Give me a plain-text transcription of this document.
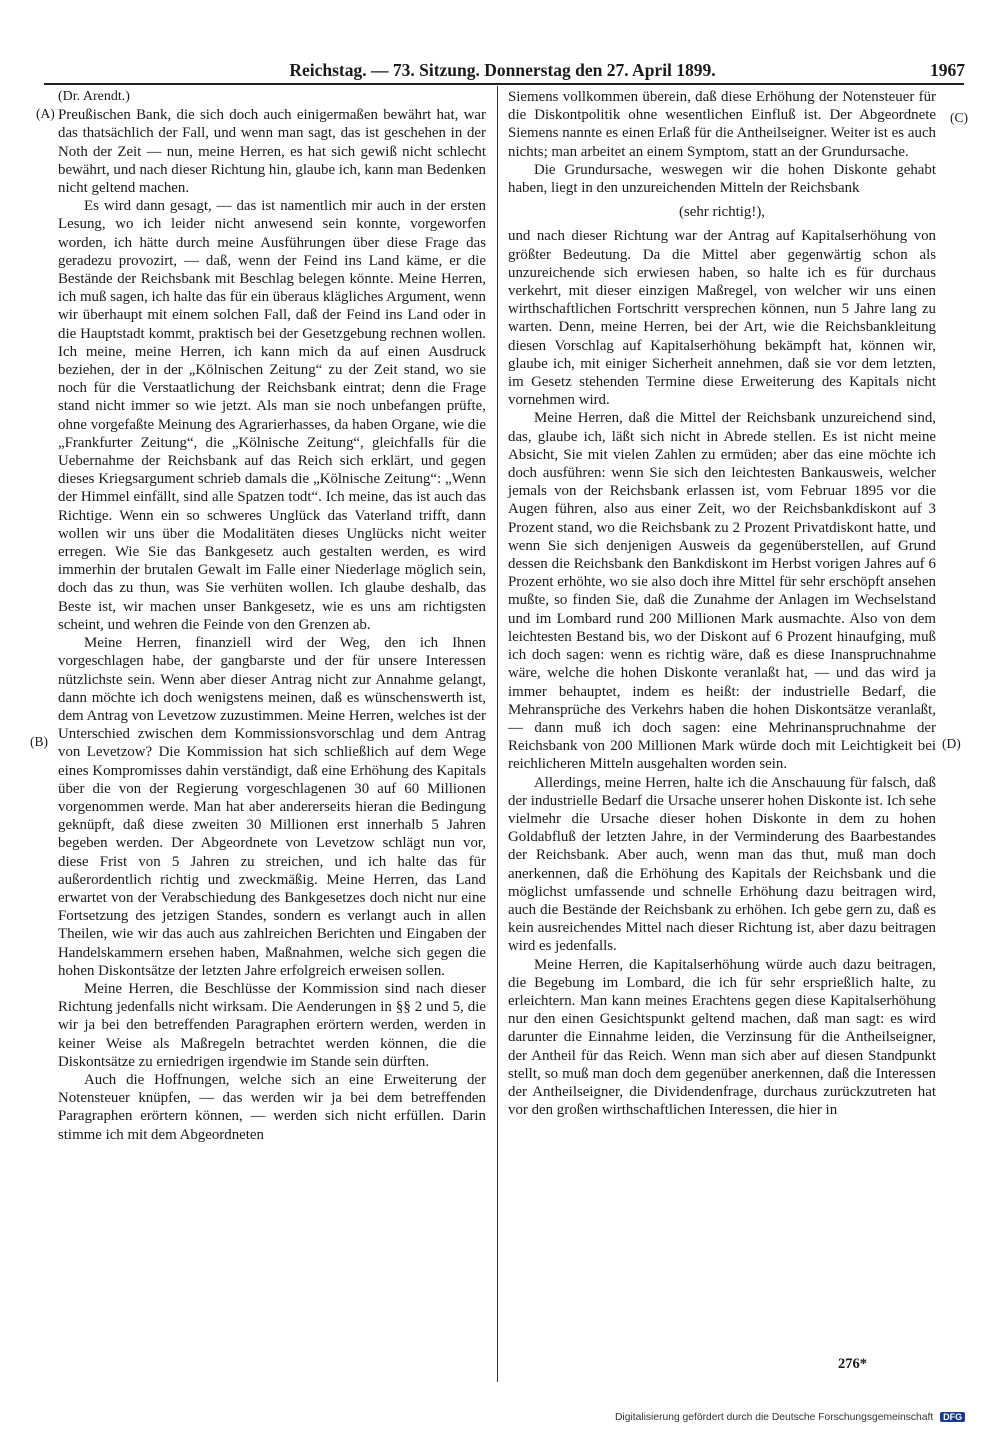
Reichstag. — 73. Sitzung. Donnerstag den 27. April 1899.	1967
(A)
(B)
(C)
(D)

(Dr. Arendt.)

Preußischen Bank, die sich doch auch einigermaßen bewährt hat, war das thatsächlich der Fall, und wenn man sagt, das ist geschehen in der Noth der Zeit — nun, meine Herren, es hat sich gewiß nicht schlecht bewährt, und nach dieser Richtung hin, glaube ich, kann man Bedenken nicht geltend machen.

Es wird dann gesagt, — das ist namentlich mir auch in der ersten Lesung, wo ich leider nicht anwesend sein konnte, vorgeworfen worden, ich hätte durch meine Ausführungen über diese Frage das geradezu provozirt, — daß, wenn der Feind ins Land käme, er die Bestände der Reichsbank mit Beschlag belegen könnte. Meine Herren, ich muß sagen, ich halte das für ein überaus klägliches Argument, wenn wir überhaupt mit einem solchen Fall, daß der Feind ins Land oder in die Hauptstadt kommt, praktisch bei der Gesetzgebung rechnen wollen. Ich meine, meine Herren, ich kann mich da auf einen Ausdruck beziehen, der in der „Kölnischen Zeitung“ zu der Zeit stand, wo sie noch für die Verstaatlichung der Reichsbank eintrat; denn die Frage stand nicht immer so wie jetzt. Als man sie noch unbefangen prüfte, ohne vorgefaßte Meinung des Agrarierhasses, da haben Organe, wie die „Frankfurter Zeitung“, die „Kölnische Zeitung“, gleichfalls für die Uebernahme der Reichsbank auf das Reich sich erklärt, und gegen dieses Kriegsargument schrieb damals die „Kölnische Zeitung“: „Wenn der Himmel einfällt, sind alle Spatzen todt“. Ich meine, das ist auch das Richtige. Wenn ein so schweres Unglück das Vaterland trifft, dann wollen wir uns über die Modalitäten dieses Unglücks nicht weiter erregen. Wie Sie das Bankgesetz auch gestalten werden, es wird immerhin der brutalen Gewalt im Falle einer Niederlage möglich sein, doch das zu thun, was Sie verhüten wollen. Ich glaube deshalb, das Beste ist, wir machen unser Bankgesetz, wie es uns am richtigsten scheint, und wehren die Feinde von den Grenzen ab.

Meine Herren, finanziell wird der Weg, den ich Ihnen vorgeschlagen habe, der gangbarste und der für unsere Interessen nützlichste sein. Wenn aber dieser Antrag nicht zur Annahme gelangt, dann möchte ich doch wenigstens meinen, daß es wünschenswerth ist, dem Antrag von Levetzow zuzustimmen. Meine Herren, welches ist der Unterschied zwischen dem Kommissionsvorschlag und dem Antrag von Levetzow? Die Kommission hat sich schließlich auf dem Wege eines Kompromisses dahin verständigt, daß eine Erhöhung des Kapitals über die von der Regierung vorgeschlagenen 30 auf 60 Millionen vorgenommen werde. Man hat aber andererseits hieran die Bedingung geknüpft, daß diese zweiten 30 Millionen erst innerhalb 5 Jahren begeben werden. Der Abgeordnete von Levetzow schlägt nun vor, diese Frist von 5 Jahren zu streichen, und ich halte das für außerordentlich richtig und zweckmäßig. Meine Herren, das Land erwartet von der Verabschiedung des Bankgesetzes doch nicht nur eine Fortsetzung des jetzigen Standes, sondern es verlangt auch in allen Theilen, wie wir das auch aus zahlreichen Berichten und Eingaben der Handelskammern ersehen haben, Maßnahmen, welche sich gegen die hohen Diskontsätze der letzten Jahre erfolgreich erweisen sollen.

Meine Herren, die Beschlüsse der Kommission sind nach dieser Richtung jedenfalls nicht wirksam. Die Aenderungen in §§ 2 und 5, die wir ja bei den betreffenden Paragraphen erörtern werden, werden in keiner Weise als Maßregeln betrachtet werden können, die die Diskontsätze zu erniedrigen irgendwie im Stande sein dürften.

Auch die Hoffnungen, welche sich an eine Erweiterung der Notensteuer knüpfen, — das werden wir ja bei dem betreffenden Paragraphen erörtern können, — werden sich nicht erfüllen. Darin stimme ich mit dem Abgeordneten

Siemens vollkommen überein, daß diese Erhöhung der Notensteuer für die Diskontpolitik ohne wesentlichen Einfluß ist. Der Abgeordnete Siemens nannte es einen Erlaß für die Antheilseigner. Weiter ist es auch nichts; man arbeitet an einem Symptom, statt an der Grundursache.

Die Grundursache, weswegen wir die hohen Diskonte gehabt haben, liegt in den unzureichenden Mitteln der Reichsbank

(sehr richtig!),

und nach dieser Richtung war der Antrag auf Kapitalserhöhung von größter Bedeutung. Da die Mittel aber gegenwärtig schon als unzureichende sich erwiesen haben, so halte ich es für durchaus verkehrt, mit dieser einzigen Maßregel, von welcher wir uns einen wirthschaftlichen Fortschritt versprechen können, nun 5 Jahre lang zu warten. Denn, meine Herren, bei der Art, wie die Reichsbankleitung diesen Vorschlag auf Kapitalserhöhung bekämpft hat, können wir, glaube ich, mit einiger Sicherheit annehmen, daß sie vor dem letzten, im Gesetz stehenden Termine diese Erweiterung des Kapitals nicht vornehmen wird.

Meine Herren, daß die Mittel der Reichsbank unzureichend sind, das, glaube ich, läßt sich nicht in Abrede stellen. Es ist nicht meine Absicht, Sie mit vielen Zahlen zu ermüden; aber das eine möchte ich doch ausführen: wenn Sie sich den leichtesten Bankausweis, welcher jemals von der Reichsbank erlassen ist, vom Februar 1895 vor die Augen führen, also aus einer Zeit, wo der Reichsbankdiskont auf 3 Prozent stand, wo die Reichsbank zu 2 Prozent Privatdiskont hatte, und wenn Sie sich denjenigen Ausweis da gegenüberstellen, auf Grund dessen die Reichsbank den Bankdiskont im Herbst vorigen Jahres auf 6 Prozent erhöhte, wo sie also doch ihre Mittel für sehr erschöpft ansehen mußte, so finden Sie, daß die Zunahme der Anlagen im Wechselstand und im Lombard rund 200 Millionen Mark ausmachte. Also von dem leichtesten Bestand bis, wo der Diskont auf 6 Prozent hinaufging, muß ich doch sagen: wenn es richtig wäre, daß es diese Inanspruchnahme wäre, welche die hohen Diskonte veranlaßt hat, — und das wird ja immer behauptet, indem es heißt: der industrielle Bedarf, die Mehransprüche des Verkehrs haben die hohen Diskontsätze veranlaßt, — dann muß ich doch sagen: eine Mehrinanspruchnahme der Reichsbank von 200 Millionen Mark würde doch mit Leichtigkeit bei reichlicheren Mitteln ausgehalten worden sein.

Allerdings, meine Herren, halte ich die Anschauung für falsch, daß der industrielle Bedarf die Ursache unserer hohen Diskonte ist. Ich sehe vielmehr die Ursache dieser hohen Diskonte in dem zu hohen Goldabfluß der letzten Jahre, in der Verminderung des Baarbestandes der Reichsbank. Aber auch, wenn man das thut, muß man doch anerkennen, daß die Erhöhung des Kapitals der Reichsbank und die möglichst umfassende und schnelle Erhöhung dazu beitragen wird, auch die Bestände der Reichsbank zu erhöhen. Ich gebe gern zu, daß es kein ausreichendes Mittel nach dieser Richtung ist, aber dazu beitragen wird es jedenfalls.

Meine Herren, die Kapitalserhöhung würde auch dazu beitragen, die Begebung im Lombard, die ich für sehr ersprießlich halte, zu erleichtern. Man kann meines Erachtens gegen diese Kapitalserhöhung nur den einen Gesichtspunkt geltend machen, daß man sagt: es wird darunter die Einnahme leiden, die Verzinsung für die Antheilseigner, der Antheil für das Reich. Wenn man sich aber auf diesen Standpunkt stellt, so muß man doch dem gegenüber anerkennen, daß die Interessen der Antheilseigner, die Dividendenfrage, durchaus zurückzutreten hat vor den großen wirthschaftlichen Interessen, die hier in

276*
Digitalisierung gefördert durch die Deutsche Forschungsgemeinschaft DFG
